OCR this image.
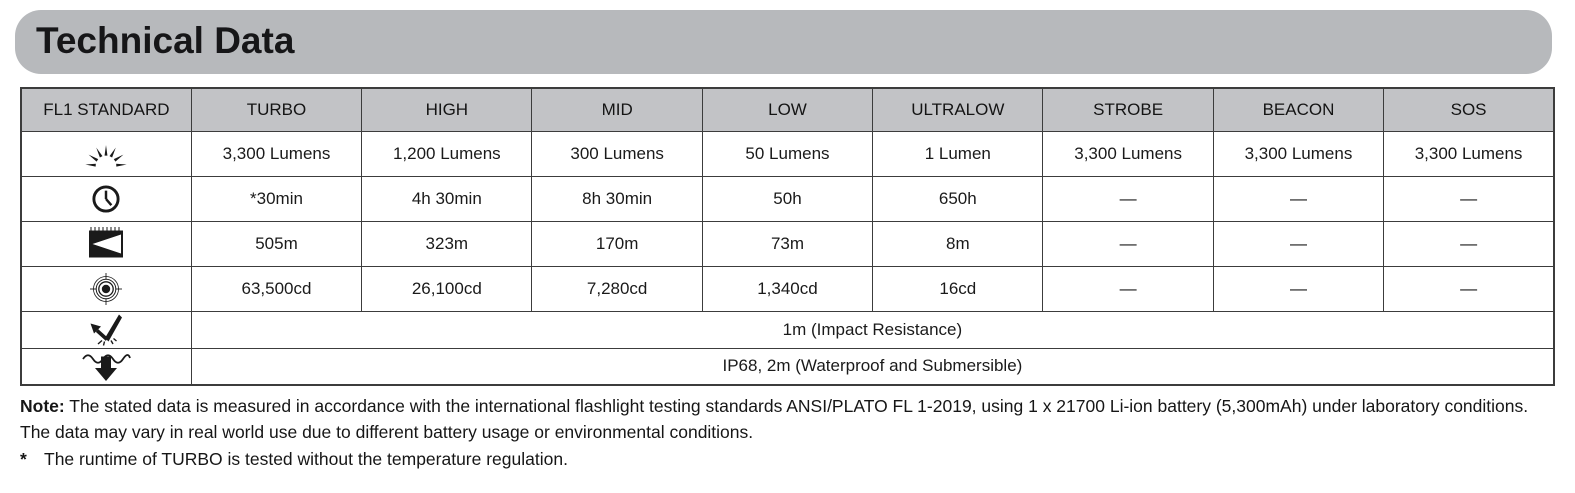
Technical Data
FL1 STANDARD	TURBO	HIGH	MID	LOW	ULTRALOW	STROBE	BEACON	SOS

	3,300 Lumens	1,200 Lumens	300 Lumens	50 Lumens	1 Lumen	3,300 Lumens	3,300 Lumens	3,300 Lumens

	*30min	4h 30min	8h 30min	50h	650h	—	—	—

	505m	323m	170m	73m	8m	—	—	—

	63,500cd	26,100cd	7,280cd	1,340cd	16cd	—	—	—

	1m (Impact Resistance)							

	IP68, 2m (Waterproof and Submersible)							

Note: The stated data is measured in accordance with the international flashlight testing standards ANSI/PLATO FL 1-2019, using 1 x 21700 Li-ion battery (5,300mAh) under laboratory conditions. The data may vary in real world use due to different battery usage or environmental conditions.

* The runtime of TURBO is tested without the temperature regulation.
